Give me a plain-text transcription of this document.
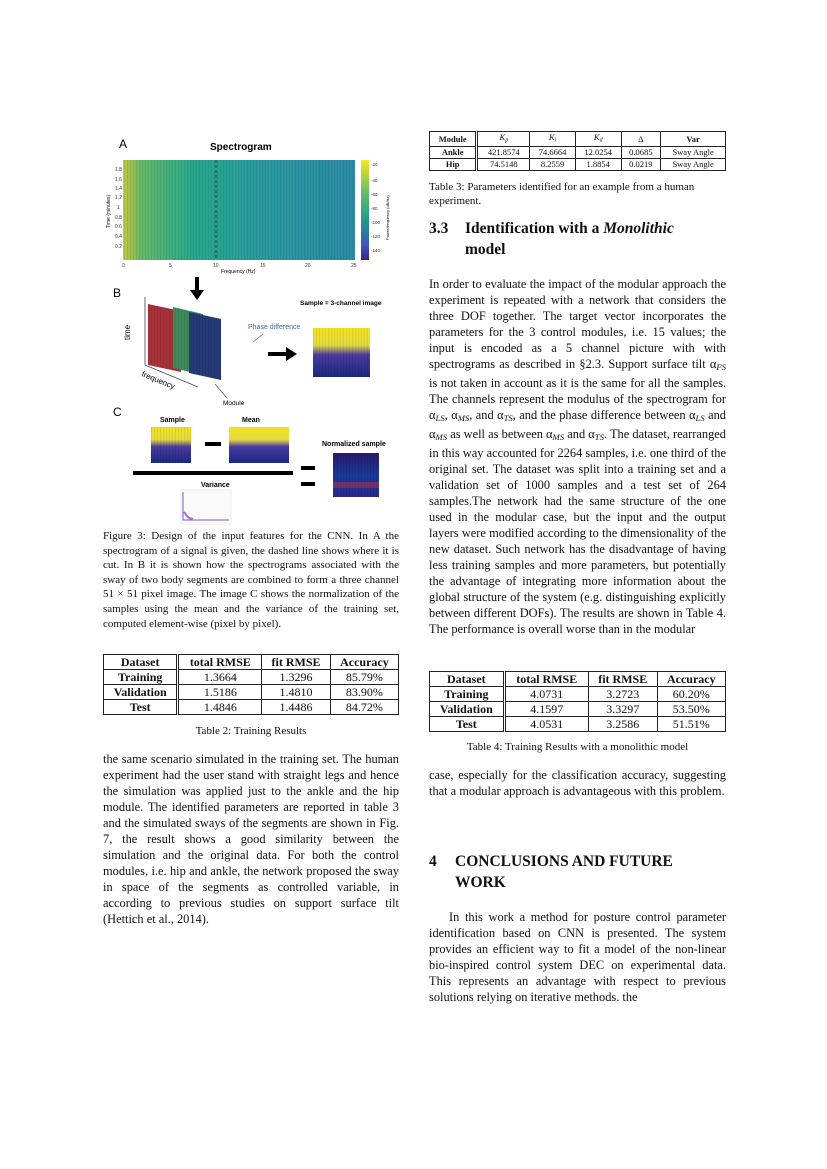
A	Spectrogram
Time (minutes)
1.8
1.6
1.4
1.2
1
0.8
0.6
0.4
0.2
0	5	10	15	20	25
Frequency (Hz)
-20
-40
-60
-80
-100
-120
-140
Power/frequency (dB/Hz)
B
time
frequency
Module
Phase difference
Sample = 3-channel image
C
Sample	Mean
Variance
Normalized sample
Figure 3: Design of the input features for the CNN. In A the spectrogram of a signal is given, the dashed line shows where it is cut. In B it is shown how the spectrograms associated with the sway of two body segments are combined to form a three channel 51 × 51 pixel image. The image C shows the normalization of the samples using the mean and the variance of the training set, computed element-wise (pixel by pixel).
Dataset	total RMSE	fit RMSE	Accuracy
Training	1.3664	1.3296	85.79%
Validation	1.5186	1.4810	83.90%
Test	1.4846	1.4486	84.72%
Table 2: Training Results

the same scenario simulated in the training set. The human experiment had the user stand with straight legs and hence the simulation was applied just to the ankle and the hip module. The identified parameters are reported in table 3 and the simulated sways of the segments are shown in Fig. 7, the result shows a good similarity between the simulation and the original data. For both the control modules, i.e. hip and ankle, the network proposed the sway in space of the segments as controlled variable, in according to previous studies on support surface tilt (Hettich et al., 2014).

Module	$K_p$	$K_i$	$K_d$	Δ	Var
Ankle	421.8574	74.6664	12.0254	0.0685	Sway Angle
Hip	74.5148	8.2559	1.8854	0.0219	Sway Angle
Table 3: Parameters identified for an example from a human experiment.
3.3 Identification with a Monolithic
model

In order to evaluate the impact of the modular approach the experiment is repeated with a network that considers the three DOF together. The target vector incorporates the parameters for the 3 control modules, i.e. 15 values; the input is encoded as a 5 channel picture with with spectrograms as described in §2.3. Support surface tilt $\alpha_{FS}$ is not taken in account as it is the same for all the samples. The channels represent the modulus of the spectrogram for $\alpha_{LS}$, $\alpha_{MS}$, and $\alpha_{TS}$, and the phase difference between $\alpha_{LS}$ and $\alpha_{MS}$ as well as between $\alpha_{MS}$ and $\alpha_{TS}$. The dataset, rearranged in this way accounted for 2264 samples, i.e. one third of the original set. The dataset was split into a training set and a validation set of 1000 samples and a test set of 264 samples.The network had the same structure of the one used in the modular case, but the input and the output layers were modified according to the dimensionality of the new dataset. Such network has the disadvantage of having less training samples and more parameters, but potentially the advantage of integrating more information about the global structure of the system (e.g. distinguishing explicitly between different DOFs). The results are shown in Table 4. The performance is overall worse than in the modular

Dataset	total RMSE	fit RMSE	Accuracy
Training	4.0731	3.2723	60.20%
Validation	4.1597	3.3297	53.50%
Test	4.0531	3.2586	51.51%
Table 4: Training Results with a monolithic model

case, especially for the classification accuracy, suggesting that a modular approach is advantageous with this problem.

4 CONCLUSIONS AND FUTURE
WORK

In this work a method for posture control parameter identification based on CNN is presented. The system provides an efficient way to fit a model of the non-linear bio-inspired control system DEC on experimental data. This represents an advantage with respect to previous solutions relying on iterative methods. the
